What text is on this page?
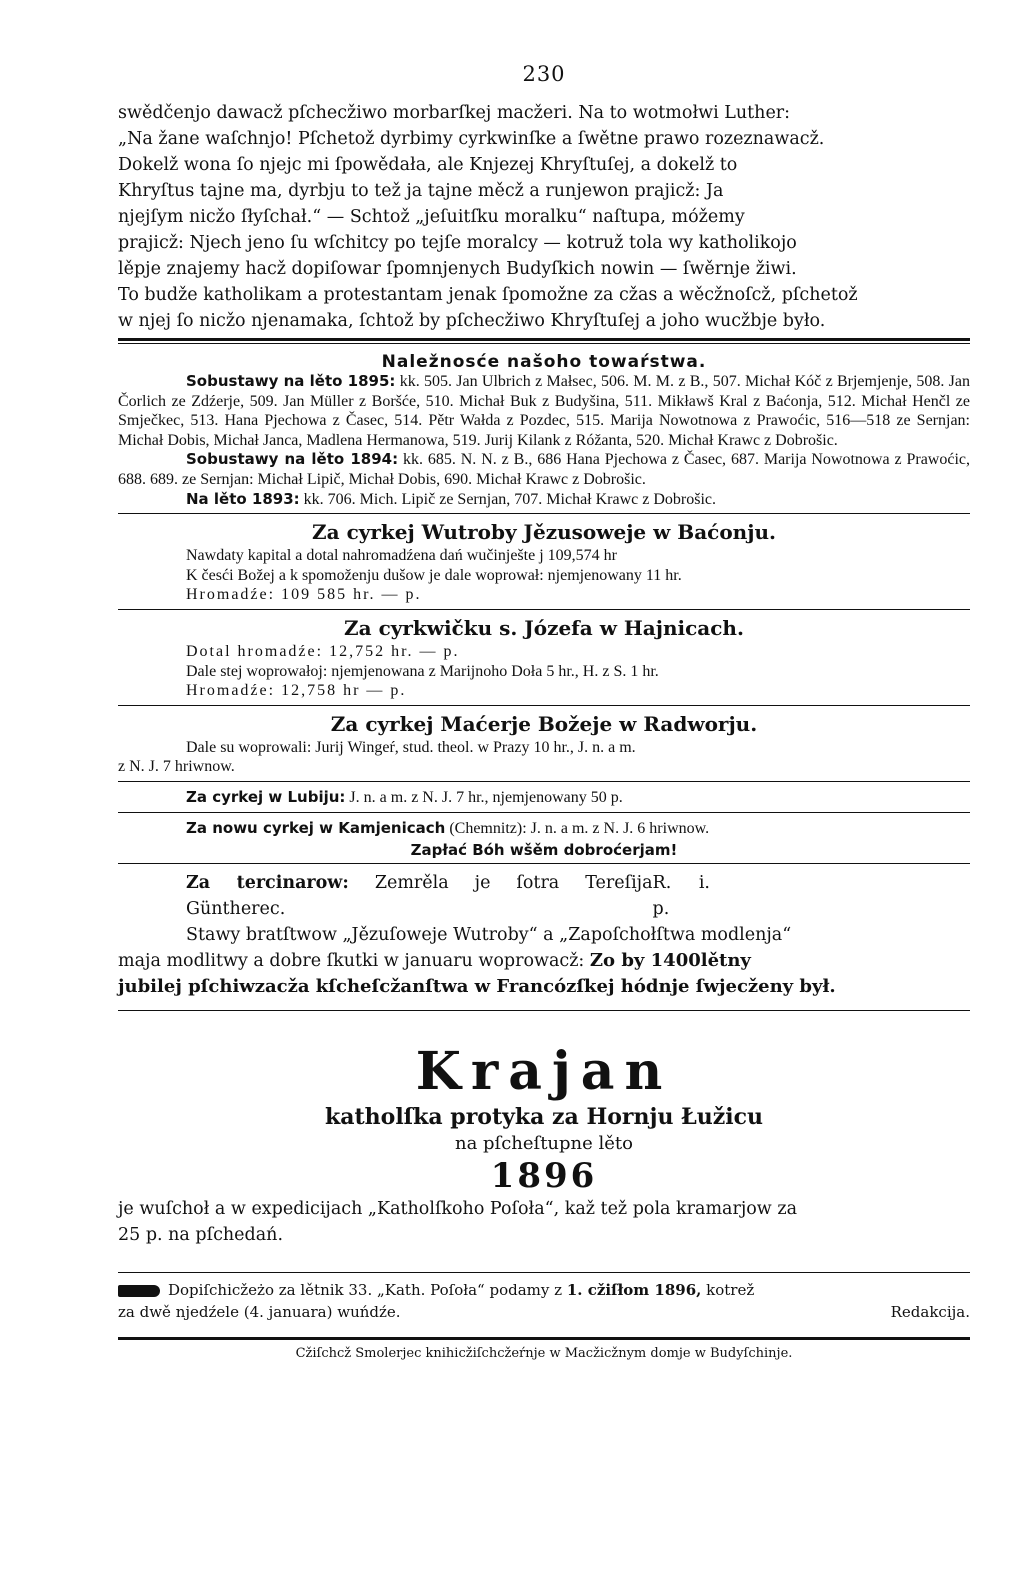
230
swědčenjo dawacž pſchecžiwo morbarſkej macžeri. Na to wotmołwi Luther:
„Na žane waſchnjo! Pſchetož dyrbimy cyrkwinſke a ſwětne prawo rozeznawacž.
Dokelž wona ſo njejc mi ſpowědała, ale Knjezej Khryſtuſej, a dokelž to
Khryſtus tajne ma, dyrbju to tež ja tajne měcž a runjewon prajicž: Ja
njejſym nicžo ſłyſchał.“ — Schtož „jeſuitſku moralku“ naſtupa, móžemy
prajicž: Njech jeno ſu wſchitcy po tejſe moralcy — kotruž tola wy katholikojo
lěpje znajemy hacž dopiſowar ſpomnjenych Budyſkich nowin — ſwěrnje žiwi.
To budže katholikam a protestantam jenak ſpomožne za cžas a wěcžnoſcž, pſchetož
w njej ſo nicžo njenamaka, ſchtož by pſchecžiwo Khryſtuſej a joho wucžbje było.
Naležnosće našoho towaŕstwa.
Sobustawy na lěto 1895: kk. 505. Jan Ulbrich z Małsec, 506. M. M. z B., 507. Michał Kóč z Brjemjenje, 508. Jan Čorlich ze Zdźerje, 509. Jan Müller z Boršće, 510. Michał Buk z Budyšina, 511. Mikławš Kral z Baćonja, 512. Michał Henčl ze Smječkec, 513. Hana Pjechowa z Časec, 514. Pětr Wałda z Pozdec, 515. Marija Nowotnowa z Prawoćic, 516—518 ze Sernjan: Michał Dobis, Michał Janca, Madlena Hermanowa, 519. Jurij Kilank z Róžanta, 520. Michał Krawc z Dobrošic.
Sobustawy na lěto 1894: kk. 685. N. N. z B., 686 Hana Pjechowa z Časec, 687. Marija Nowotnowa z Prawoćic, 688. 689. ze Sernjan: Michał Lipič, Michał Dobis, 690. Michał Krawc z Dobrošic.
Na lěto 1893: kk. 706. Mich. Lipič ze Sernjan, 707. Michał Krawc z Dobrošic.
Za cyrkej Wutroby Jězusoweje w Baćonju.
Nawdaty kapital a dotal nahromadźena dań wučinješte j 109,574 hr
K česći Božej a k spomoženju dušow je dale woprował: njemjenowany 11 hr.
Hromadźe: 109 585 hr. — p.
Za cyrkwičku s. Józefa w Hajnicach.
Dotal hromadźe: 12,752 hr. — p.
Dale stej woprowałoj: njemjenowana z Marijnoho Doła 5 hr., H. z S. 1 hr.
Hromadźe: 12,758 hr — p.
Za cyrkej Maćerje Božeje w Radworju.
Dale su woprowali: Jurij Wingeŕ, stud. theol. w Prazy 10 hr., J. n. a m.
z N. J. 7 hriwnow.
Za cyrkej w Lubiju: J. n. a m. z N. J. 7 hr., njemjenowany 50 p.
Za nowu cyrkej w Kamjenicach (Chemnitz): J. n. a m. z N. J. 6 hriwnow.
Zapłać Bóh wšěm dobroćerjam!
Za tercinarow: Zemrěla je ſotra Tereſija Güntherec.
R. i. p.
Stawy bratſtwow „Jězuſoweje Wutroby“ a „Zapoſchołſtwa modlenja“
maja modlitwy a dobre ſkutki w januaru woprowacž: Zo by 1400lětny
jubilej pſchiwzacža kſcheſcžanſtwa w Francózſkej hódnje ſwjecženy był.
Krajan
katholſka protyka za Hornju Łužicu
na pſcheſtupne lěto
1896
je wuſchoł a w expedicijach „Katholſkoho Poſoła“, kaž tež pola kramarjow za
25 p. na pſchedań.
Dopiſchicžeżo za lětnik 33. „Kath. Poſoła“ podamy z 1. cžiſłom 1896, kotrež
za dwě njedźele (4. januara) wuńdźe.	Redakcija.
Cžiſchcž Smolerjec knihicžiſchcžeŕnje w Macžicžnym domje w Budyſchinje.
